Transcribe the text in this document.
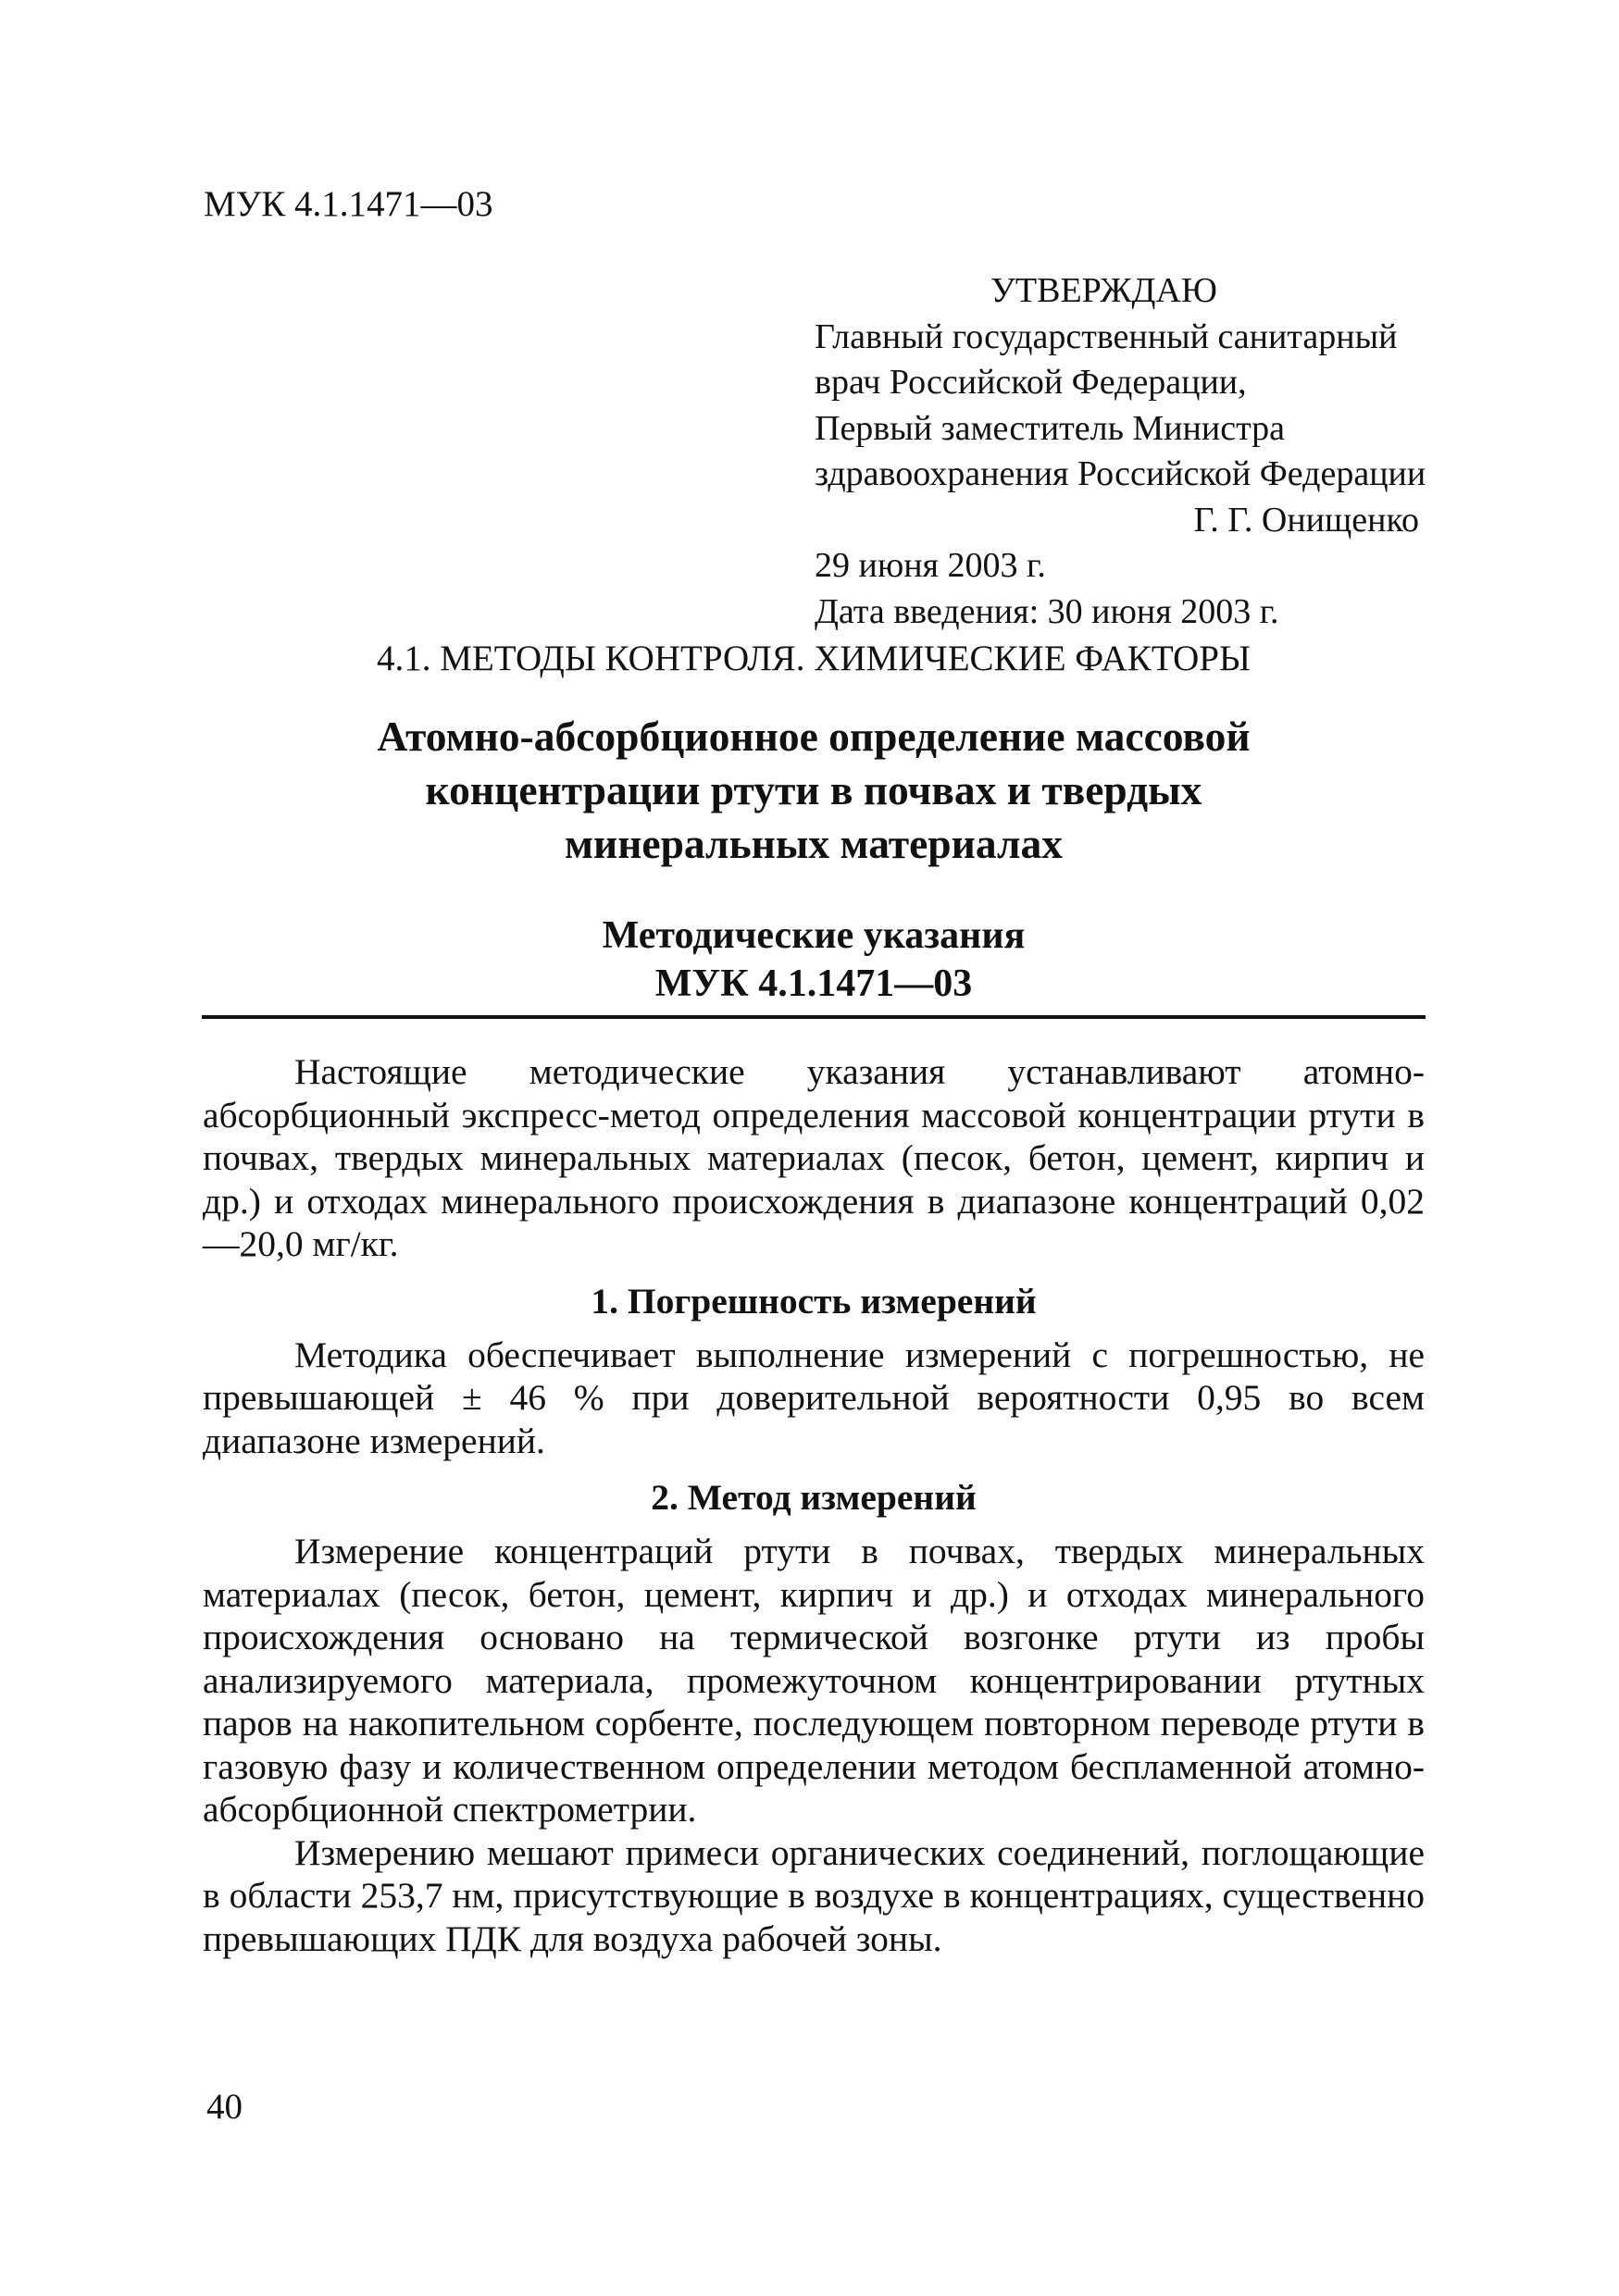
МУК 4.1.1471—03
УТВЕРЖДАЮ
Главный государственный санитарный
врач Российской Федерации,
Первый заместитель Министра
здравоохранения Российской Федерации
Г. Г. Онищенко
29 июня 2003 г.
Дата введения: 30 июня 2003 г.
4.1. МЕТОДЫ КОНТРОЛЯ. ХИМИЧЕСКИЕ ФАКТОРЫ
Атомно-абсорбционное определение массовой
концентрации ртути в почвах и твердых
минеральных материалах
Методические указания
МУК 4.1.1471—03

Настоящие методические указания устанавливают атомно-абсорбционный экспресс-метод определения массовой концентрации ртути в почвах, твердых минеральных материалах (песок, бетон, цемент, кирпич и др.) и отходах минерального происхождения в диапазоне концентраций 0,02—20,0 мг/кг.

1. Погрешность измерений

Методика обеспечивает выполнение измерений с погрешностью, не превышающей ± 46 % при доверительной вероятности 0,95 во всем диапазоне измерений.

2. Метод измерений

Измерение концентраций ртути в почвах, твердых минеральных материалах (песок, бетон, цемент, кирпич и др.) и отходах минерального происхождения основано на термической возгонке ртути из пробы анализируемого материала, промежуточном концентрировании ртутных паров на накопительном сорбенте, последующем повторном переводе ртути в газовую фазу и количественном определении методом беспламенной атомно-абсорбционной спектрометрии.

Измерению мешают примеси органических соединений, поглощающие в области 253,7 нм, присутствующие в воздухе в концентрациях, существенно превышающих ПДК для воздуха рабочей зоны.

40
